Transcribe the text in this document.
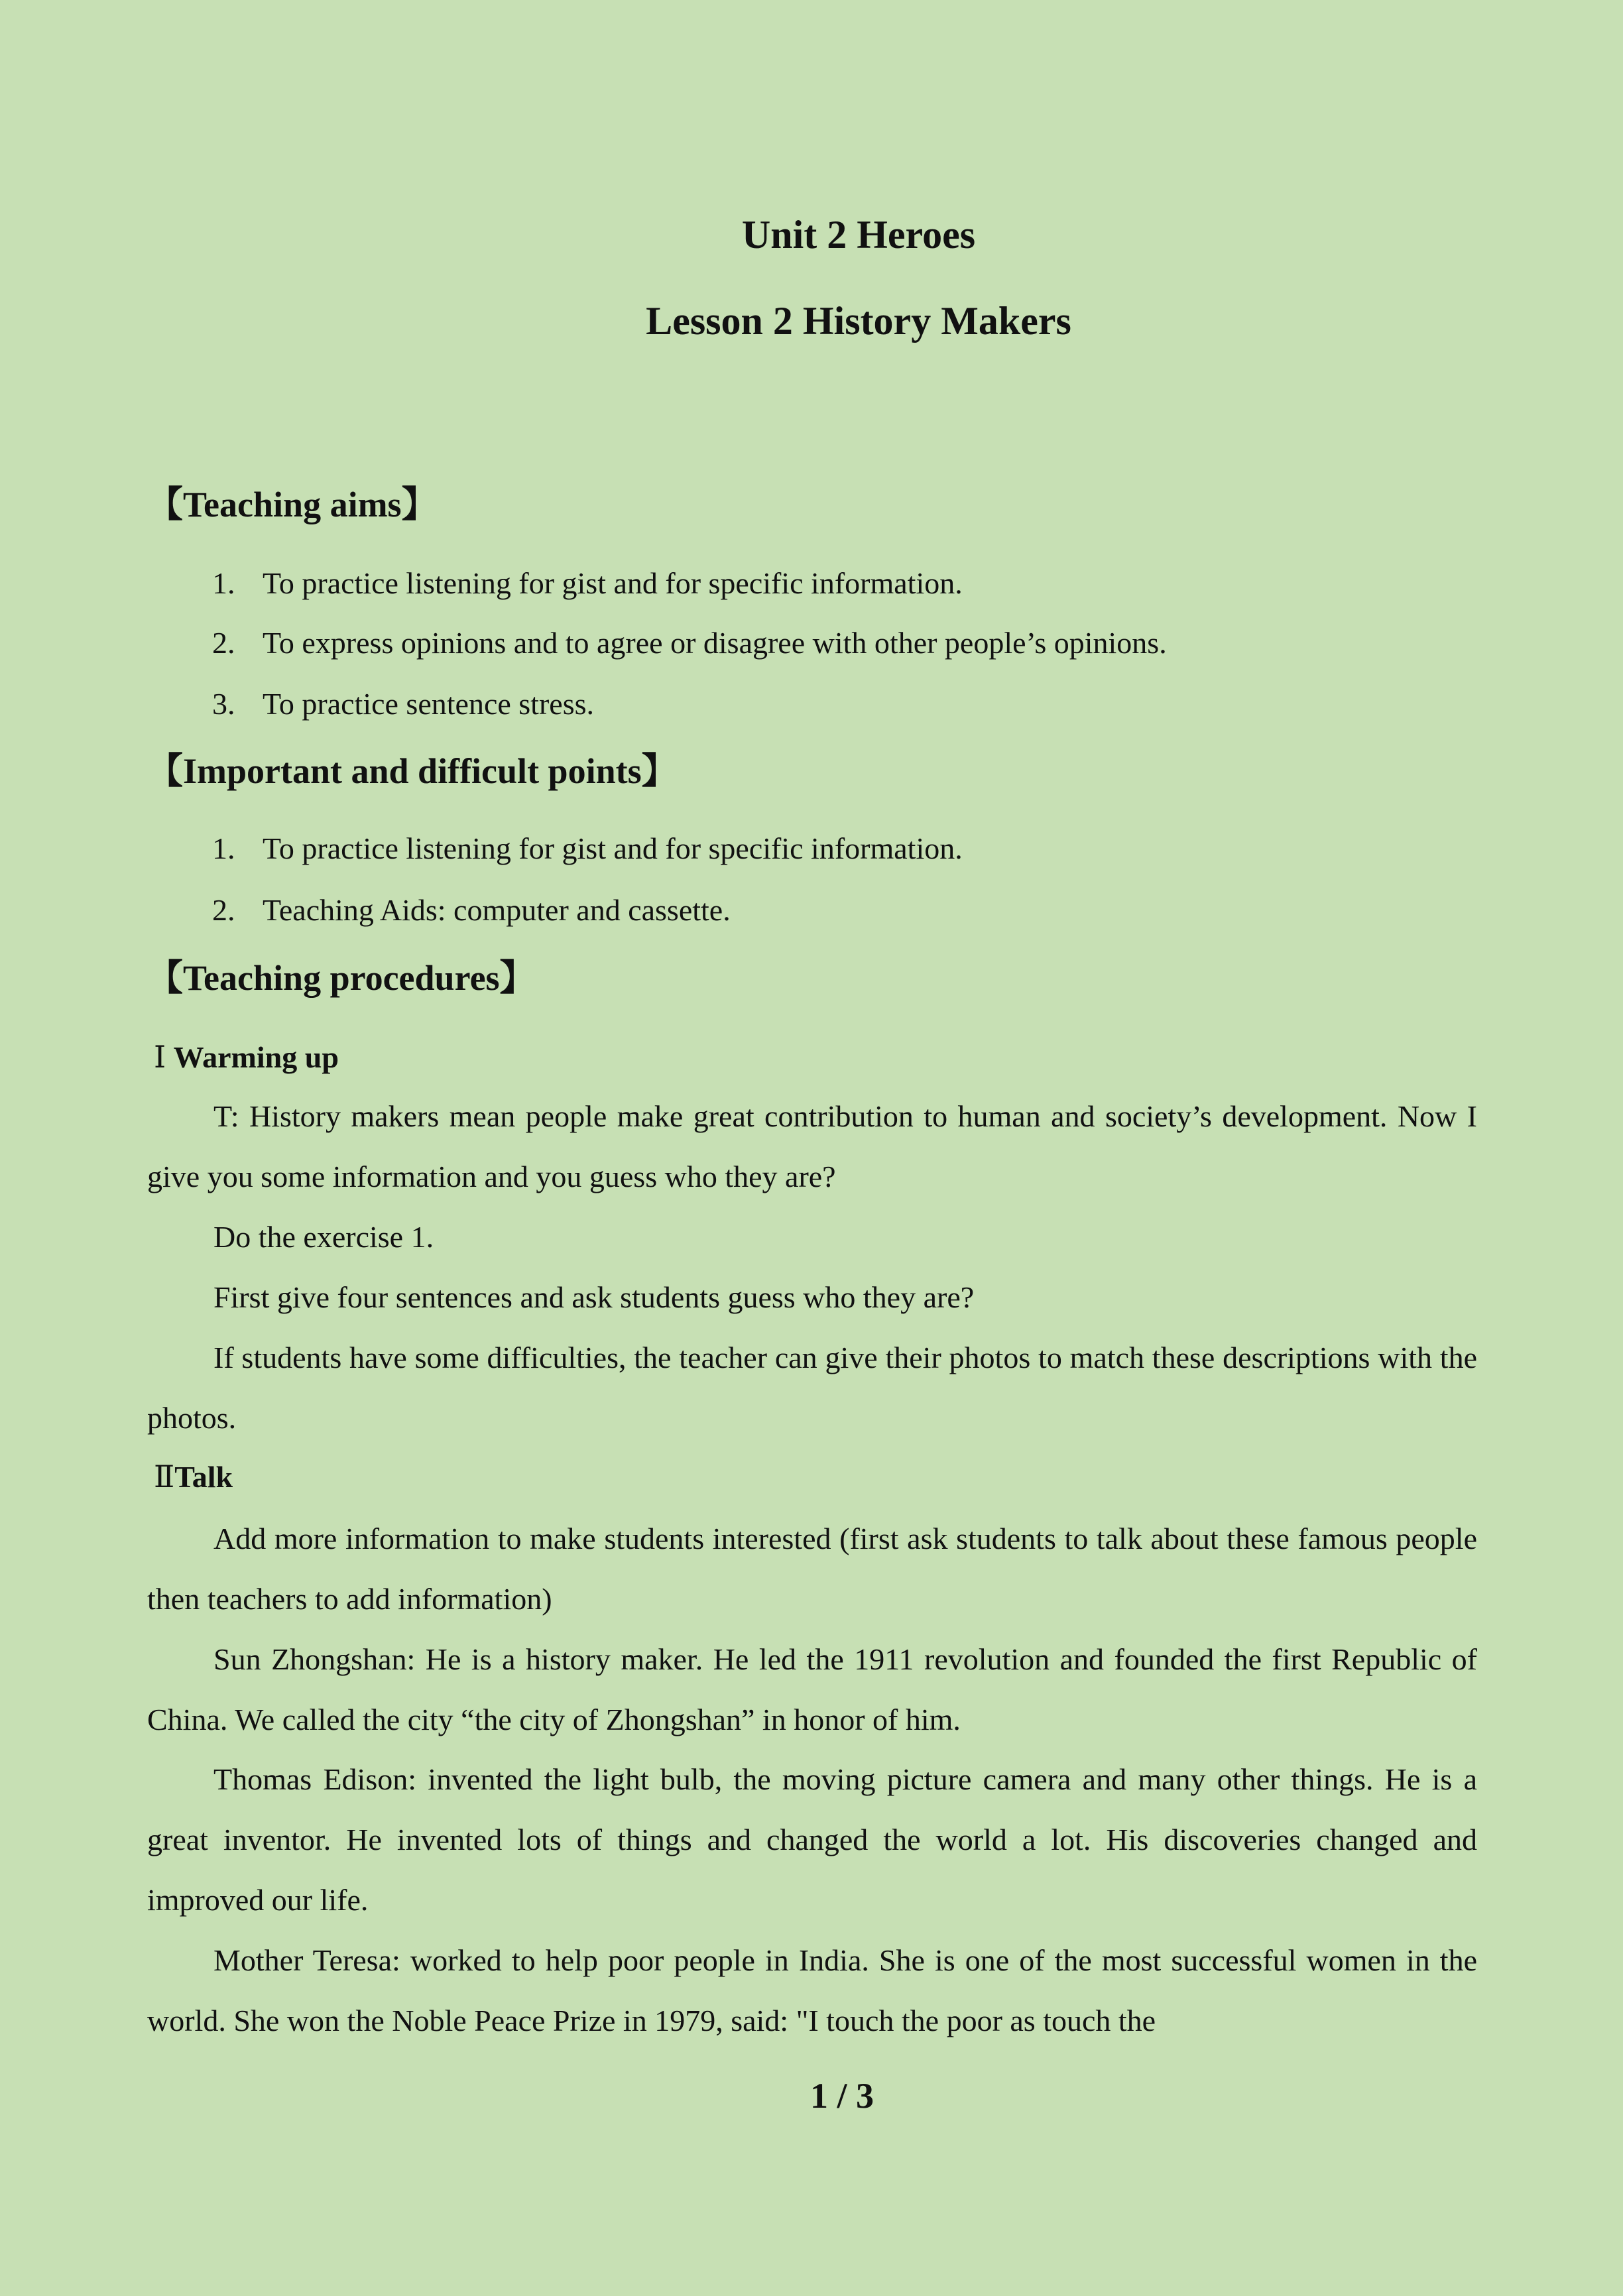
Unit 2 Heroes
Lesson 2 History Makers
【Teaching aims】

1. To practice listening for gist and for specific information.

2. To express opinions and to agree or disagree with other people’s opinions.

3. To practice sentence stress.

【Important and difficult points】

1. To practice listening for gist and for specific information.

2. Teaching Aids: computer and cassette.

【Teaching procedures】

Ⅰ Warming up

T: History makers mean people make great contribution to human and society’s development. Now I give you some information and you guess who they are?

Do the exercise 1.

First give four sentences and ask students guess who they are?

If students have some difficulties, the teacher can give their photos to match these descriptions with the photos.

ⅡTalk

Add more information to make students interested (first ask students to talk about these famous people then teachers to add information)

Sun Zhongshan: He is a history maker. He led the 1911 revolution and founded the first Republic of China. We called the city “the city of Zhongshan” in honor of him.

Thomas Edison: invented the light bulb, the moving picture camera and many other things. He is a great inventor. He invented lots of things and changed the world a lot. His discoveries changed and improved our life.

Mother Teresa: worked to help poor people in India. She is one of the most successful women in the world. She won the Noble Peace Prize in 1979, said: "I touch the poor as touch the

1 / 3
